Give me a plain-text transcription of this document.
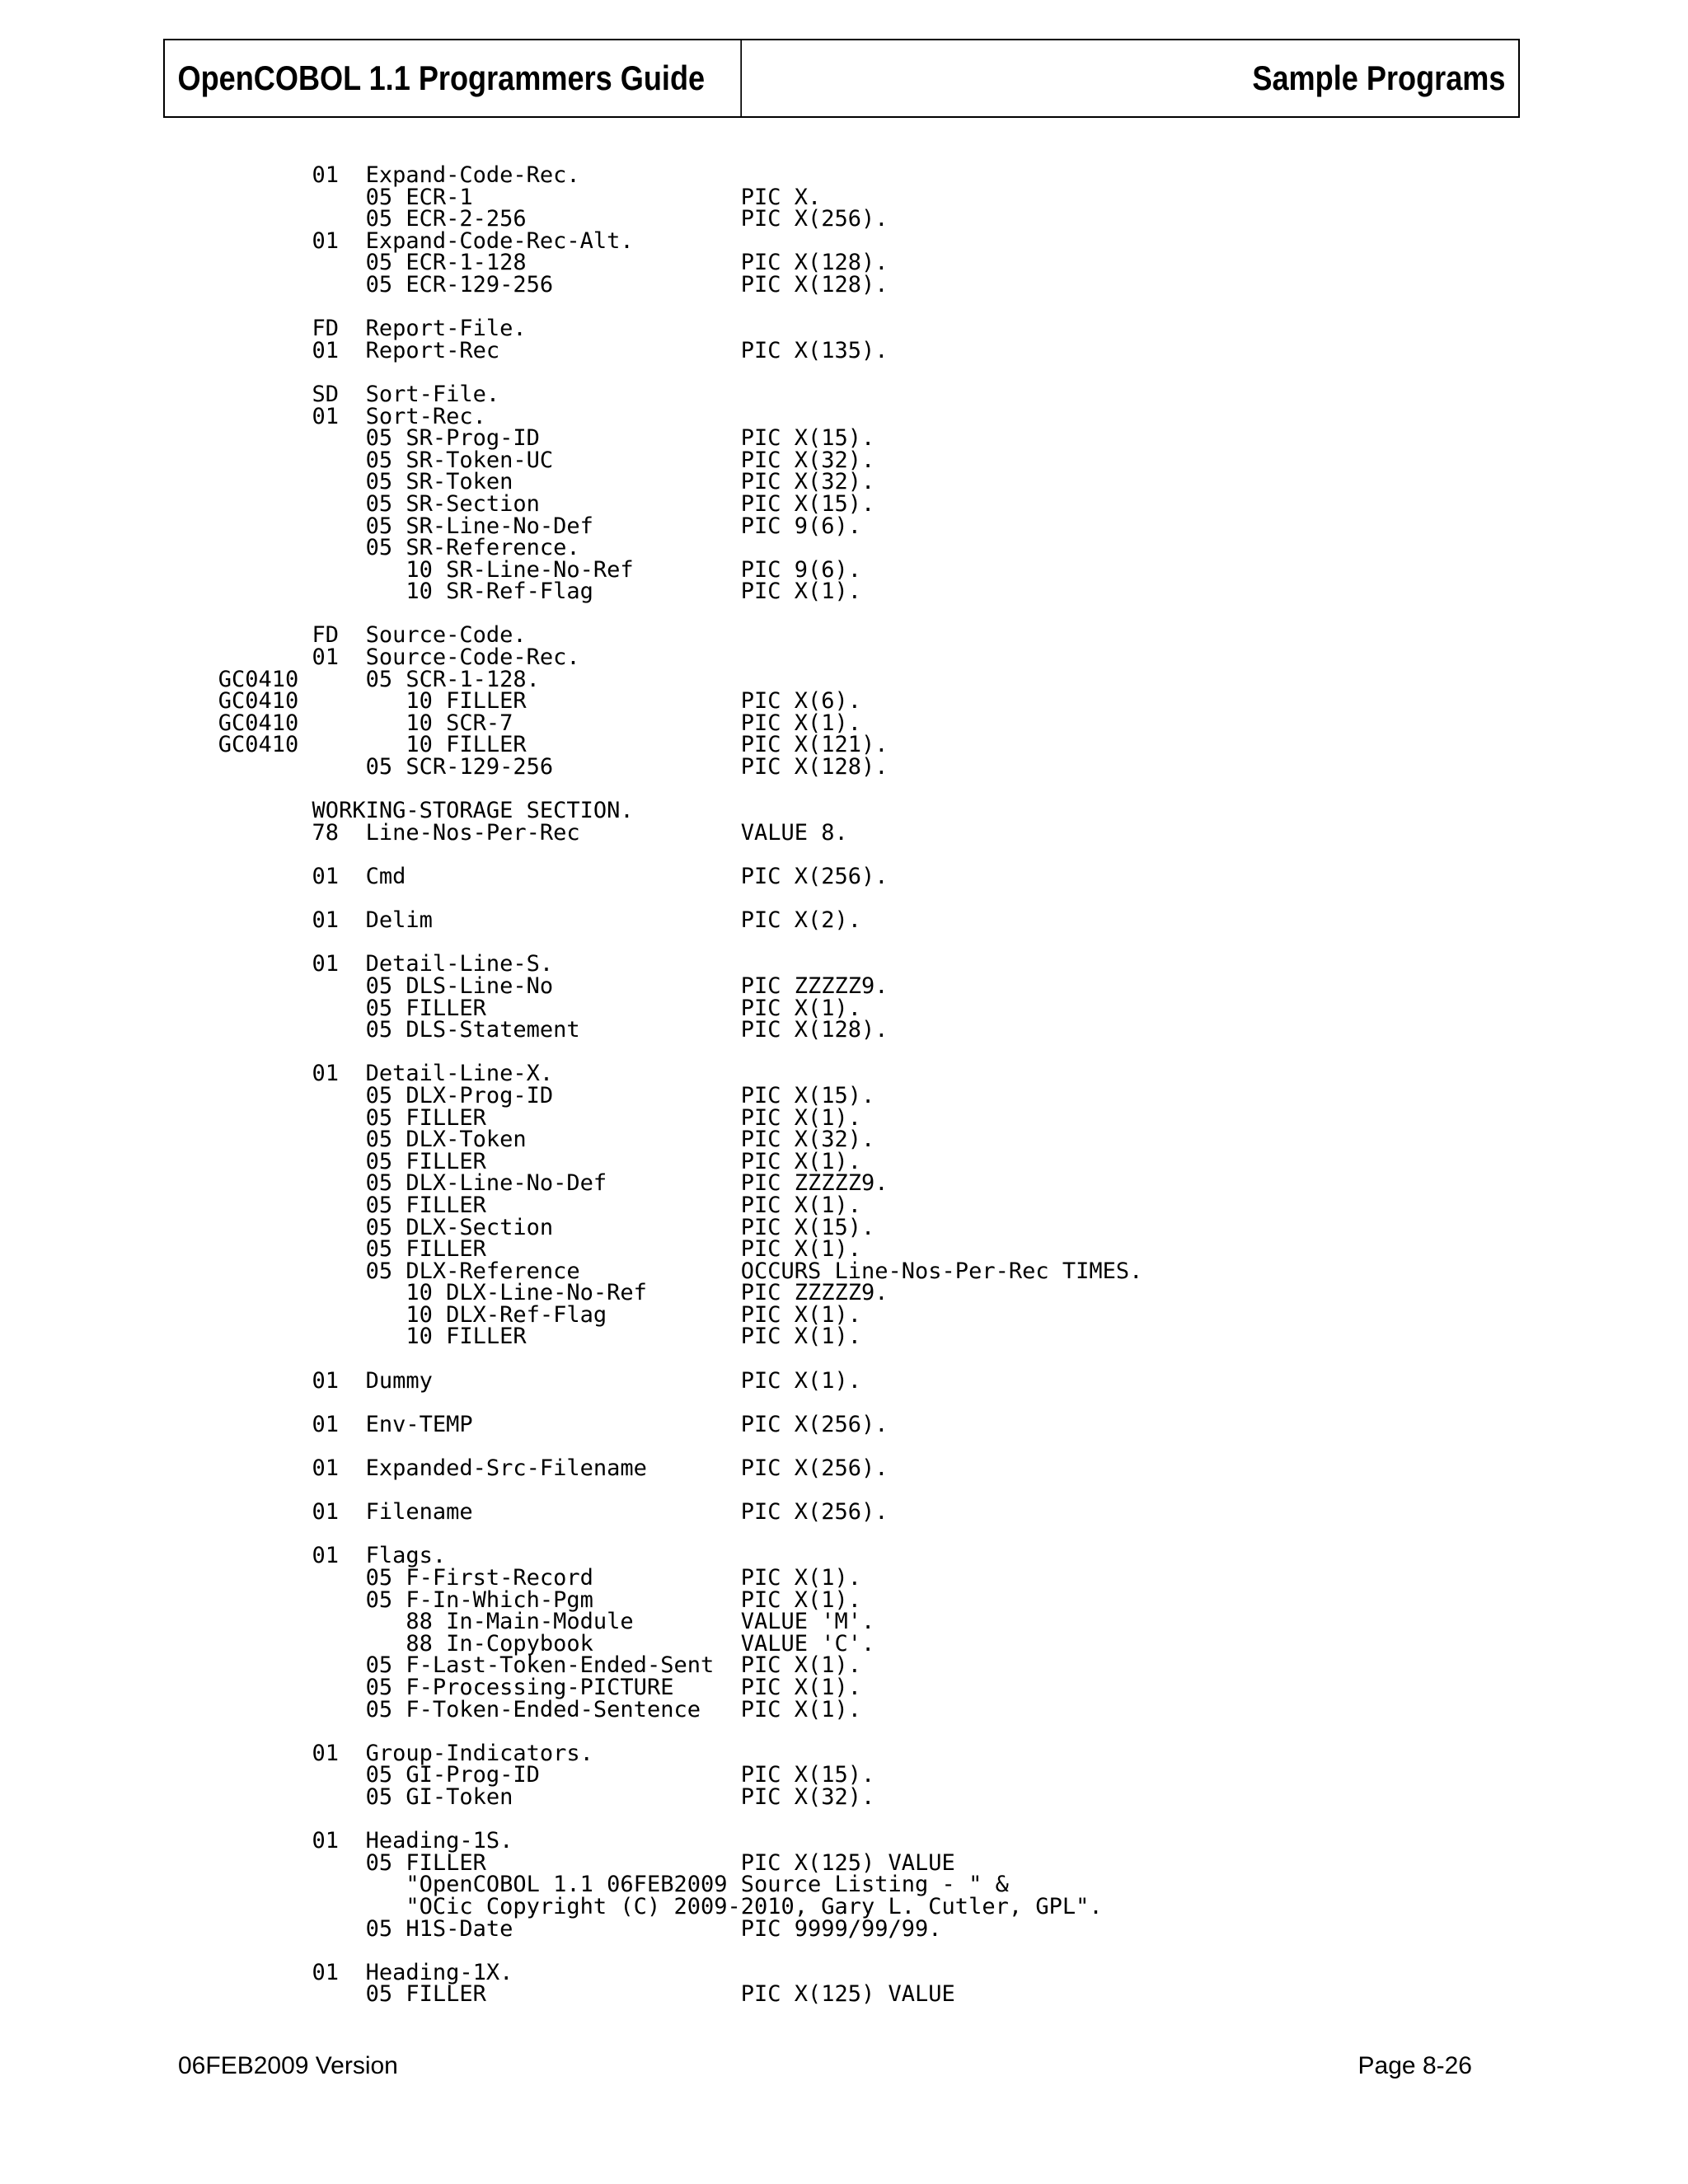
OpenCOBOL 1.1 Programmers Guide	Sample Programs
01  Expand-Code-Rec.
05 ECR-1                    PIC X.
05 ECR-2-256                PIC X(256).
01  Expand-Code-Rec-Alt.
05 ECR-1-128                PIC X(128).
05 ECR-129-256              PIC X(128).

FD  Report-File.
01  Report-Rec                  PIC X(135).

SD  Sort-File.
01  Sort-Rec.
05 SR-Prog-ID               PIC X(15).
05 SR-Token-UC              PIC X(32).
05 SR-Token                 PIC X(32).
05 SR-Section               PIC X(15).
05 SR-Line-No-Def           PIC 9(6).
05 SR-Reference.
10 SR-Line-No-Ref        PIC 9(6).
10 SR-Ref-Flag           PIC X(1).

FD  Source-Code.
01  Source-Code-Rec.
GC0410     05 SCR-1-128.
GC0410        10 FILLER                PIC X(6).
GC0410        10 SCR-7                 PIC X(1).
GC0410        10 FILLER                PIC X(121).
05 SCR-129-256              PIC X(128).

WORKING-STORAGE SECTION.
78  Line-Nos-Per-Rec            VALUE 8.

01  Cmd                         PIC X(256).

01  Delim                       PIC X(2).

01  Detail-Line-S.
05 DLS-Line-No              PIC ZZZZZ9.
05 FILLER                   PIC X(1).
05 DLS-Statement            PIC X(128).

01  Detail-Line-X.
05 DLX-Prog-ID              PIC X(15).
05 FILLER                   PIC X(1).
05 DLX-Token                PIC X(32).
05 FILLER                   PIC X(1).
05 DLX-Line-No-Def          PIC ZZZZZ9.
05 FILLER                   PIC X(1).
05 DLX-Section              PIC X(15).
05 FILLER                   PIC X(1).
05 DLX-Reference            OCCURS Line-Nos-Per-Rec TIMES.
10 DLX-Line-No-Ref       PIC ZZZZZ9.
10 DLX-Ref-Flag          PIC X(1).
10 FILLER                PIC X(1).

01  Dummy                       PIC X(1).

01  Env-TEMP                    PIC X(256).

01  Expanded-Src-Filename       PIC X(256).

01  Filename                    PIC X(256).

01  Flags.
05 F-First-Record           PIC X(1).
05 F-In-Which-Pgm           PIC X(1).
88 In-Main-Module        VALUE 'M'.
88 In-Copybook           VALUE 'C'.
05 F-Last-Token-Ended-Sent  PIC X(1).
05 F-Processing-PICTURE     PIC X(1).
05 F-Token-Ended-Sentence   PIC X(1).

01  Group-Indicators.
05 GI-Prog-ID               PIC X(15).
05 GI-Token                 PIC X(32).

01  Heading-1S.
05 FILLER                   PIC X(125) VALUE
"OpenCOBOL 1.1 06FEB2009 Source Listing - " &
"OCic Copyright (C) 2009-2010, Gary L. Cutler, GPL".
05 H1S-Date                 PIC 9999/99/99.

01  Heading-1X.
05 FILLER                   PIC X(125) VALUE
06FEB2009 Version	Page 8-26
